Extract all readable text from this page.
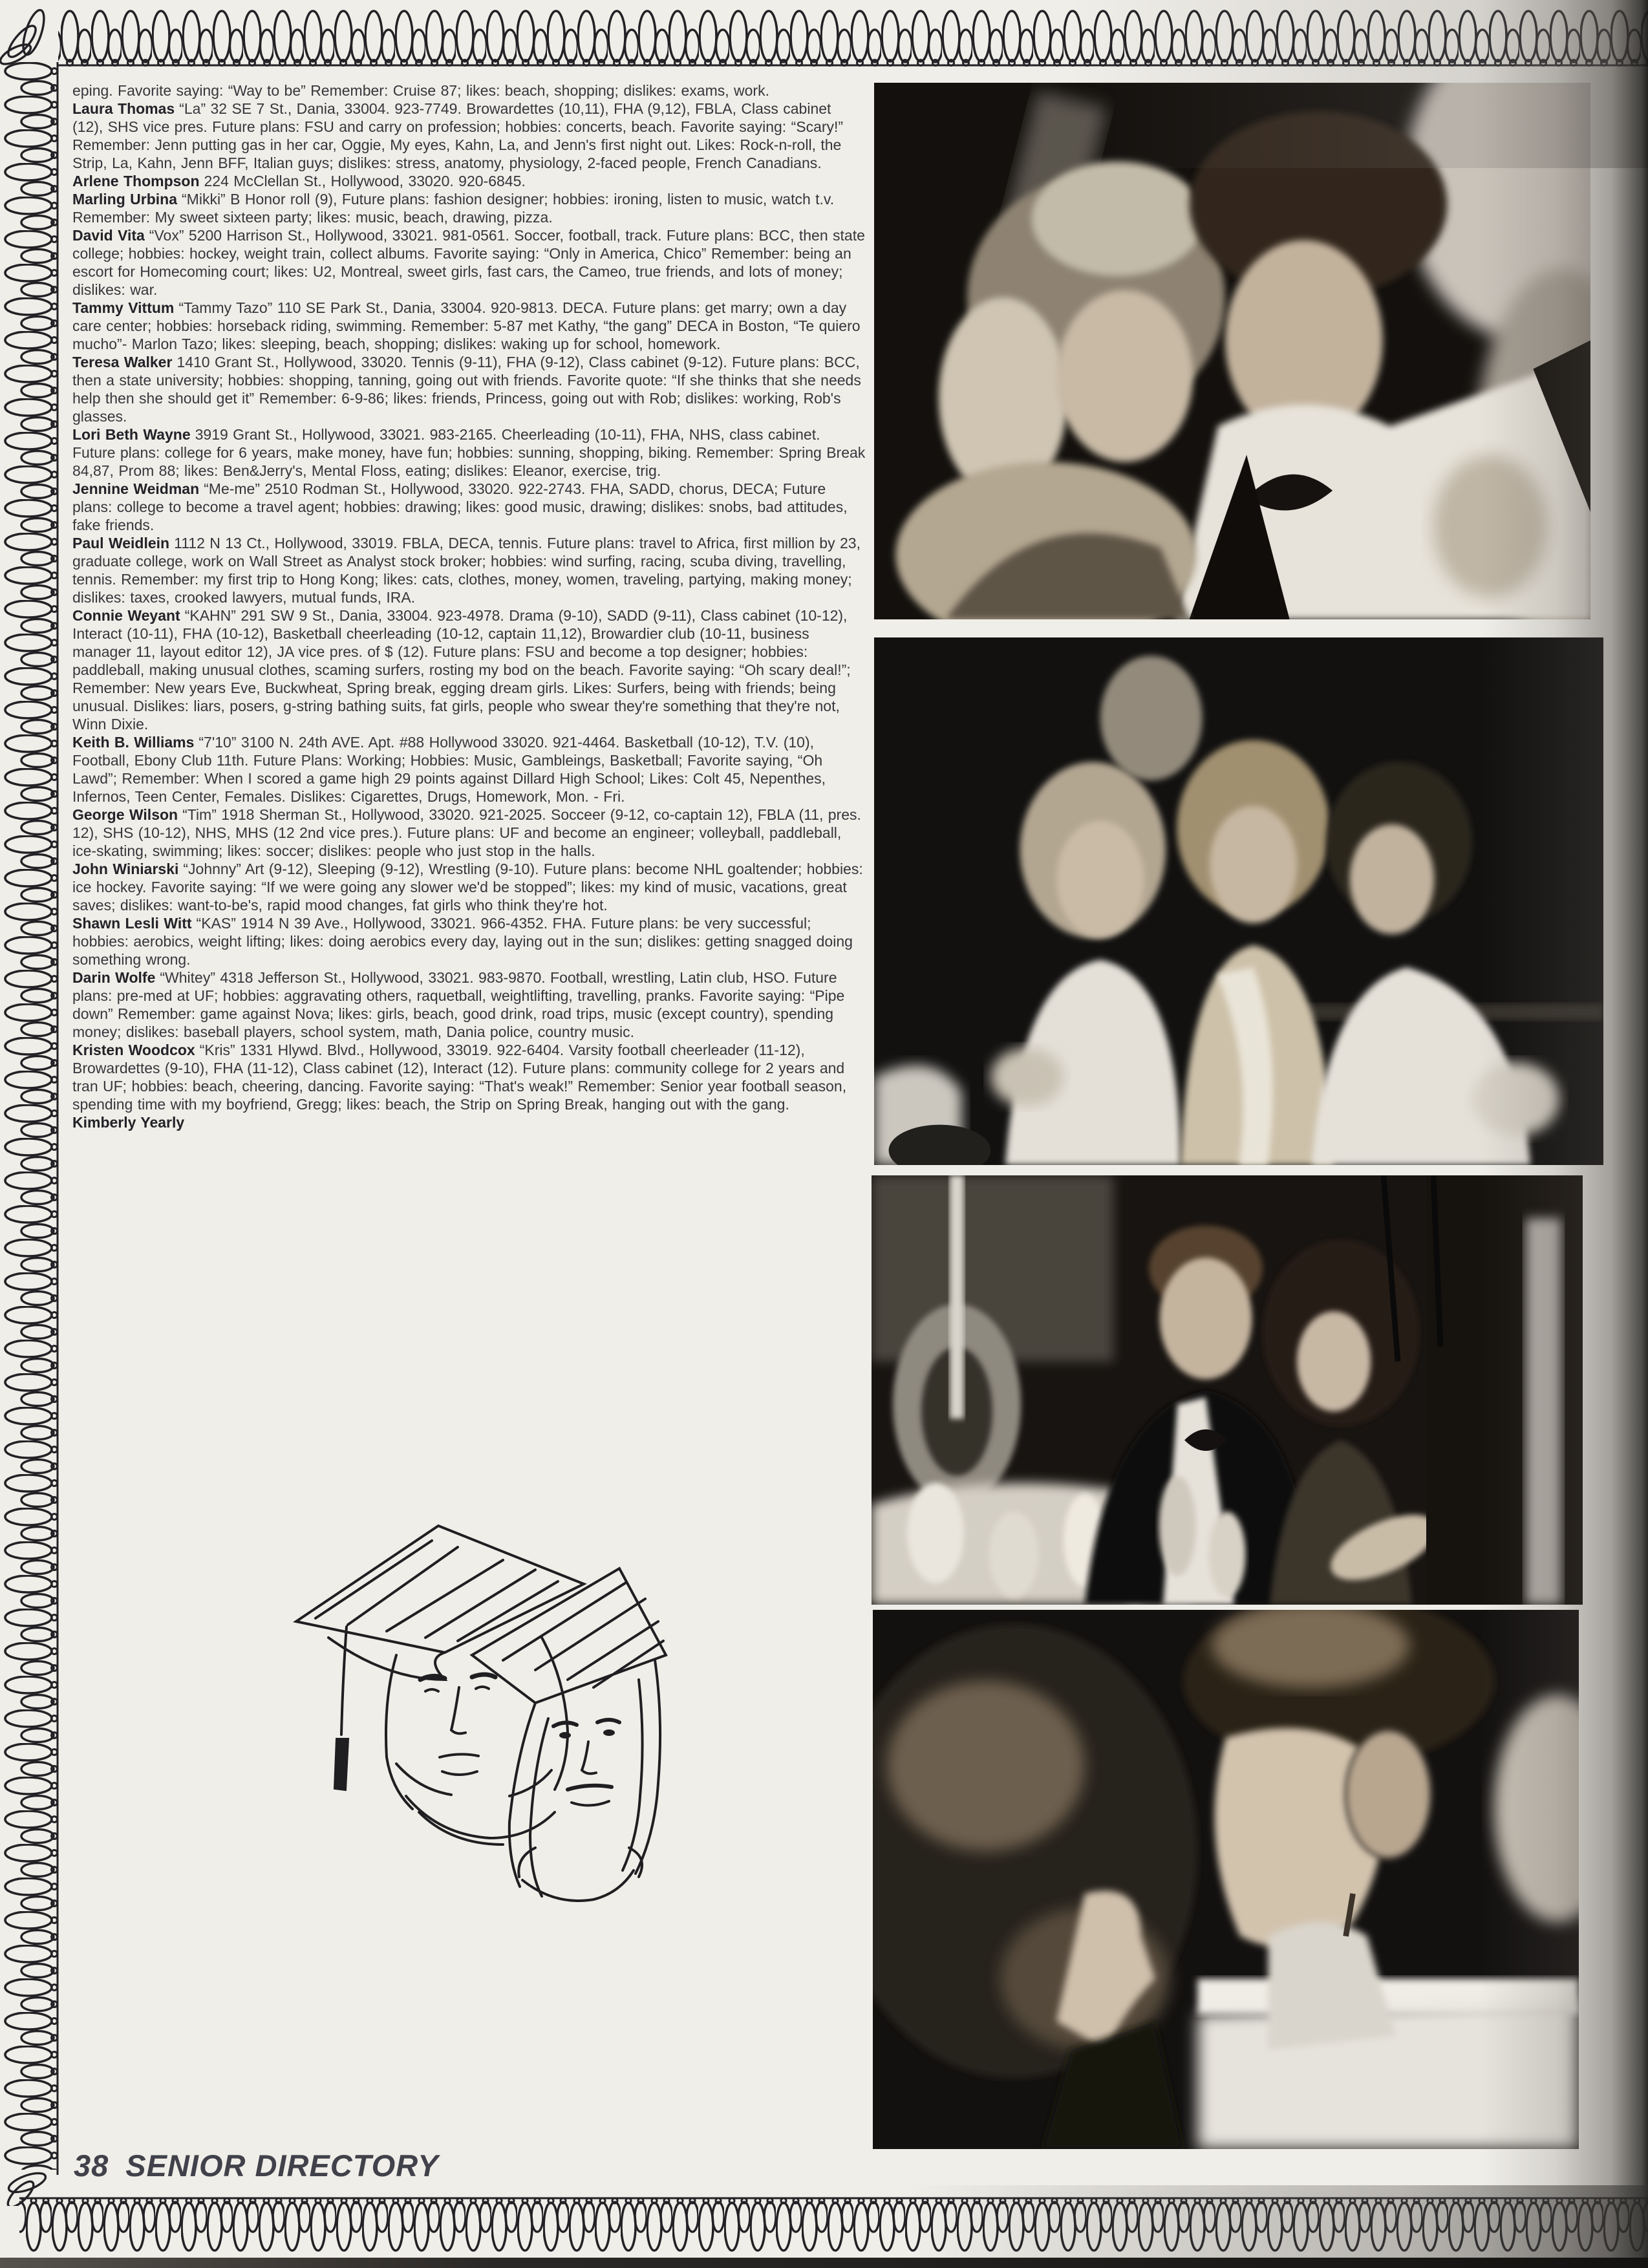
eping. Favorite saying: “Way to be” Remember: Cruise 87; likes: beach, shopping; dislikes: exams, work.

Laura Thomas “La” 32 SE 7 St., Dania, 33004. 923-7749. Browardettes (10,11), FHA (9,12), FBLA, Class cabinet (12), SHS vice pres. Future plans: FSU and carry on profession; hobbies: concerts, beach. Favorite saying: “Scary!” Remember: Jenn putting gas in her car, Oggie, My eyes, Kahn, La, and Jenn's first night out. Likes: Rock-n-roll, the Strip, La, Kahn, Jenn BFF, Italian guys; dislikes: stress, anatomy, physiology, 2-faced people, French Canadians.

Arlene Thompson 224 McClellan St., Hollywood, 33020. 920-6845.

Marling Urbina “Mikki” B Honor roll (9), Future plans: fashion designer; hobbies: ironing, listen to music, watch t.v. Remember: My sweet sixteen party; likes: music, beach, drawing, pizza.

David Vita “Vox” 5200 Harrison St., Hollywood, 33021. 981-0561. Soccer, football, track. Future plans: BCC, then state college; hobbies: hockey, weight train, collect albums. Favorite saying: “Only in America, Chico” Remember: being an escort for Homecoming court; likes: U2, Montreal, sweet girls, fast cars, the Cameo, true friends, and lots of money; dislikes: war.

Tammy Vittum “Tammy Tazo” 110 SE Park St., Dania, 33004. 920-9813. DECA. Future plans: get marry; own a day care center; hobbies: horseback riding, swimming. Remember: 5-87 met Kathy, “the gang” DECA in Boston, “Te quiero mucho”- Marlon Tazo; likes: sleeping, beach, shopping; dislikes: waking up for school, homework.

Teresa Walker 1410 Grant St., Hollywood, 33020. Tennis (9-11), FHA (9-12), Class cabinet (9-12). Future plans: BCC, then a state university; hobbies: shopping, tanning, going out with friends. Favorite quote: “If she thinks that she needs help then she should get it” Remember: 6-9-86; likes: friends, Princess, going out with Rob; dislikes: working, Rob's glasses.

Lori Beth Wayne 3919 Grant St., Hollywood, 33021. 983-2165. Cheerleading (10-11), FHA, NHS, class cabinet. Future plans: college for 6 years, make money, have fun; hobbies: sunning, shopping, biking. Remember: Spring Break 84,87, Prom 88; likes: Ben&Jerry's, Mental Floss, eating; dislikes: Eleanor, exercise, trig.

Jennine Weidman “Me-me” 2510 Rodman St., Hollywood, 33020. 922-2743. FHA, SADD, chorus, DECA; Future plans: college to become a travel agent; hobbies: drawing; likes: good music, drawing; dislikes: snobs, bad attitudes, fake friends.

Paul Weidlein 1112 N 13 Ct., Hollywood, 33019. FBLA, DECA, tennis. Future plans: travel to Africa, first million by 23, graduate college, work on Wall Street as Analyst stock broker; hobbies: wind surfing, racing, scuba diving, travelling, tennis. Remember: my first trip to Hong Kong; likes: cats, clothes, money, women, traveling, partying, making money; dislikes: taxes, crooked lawyers, mutual funds, IRA.

Connie Weyant “KAHN” 291 SW 9 St., Dania, 33004. 923-4978. Drama (9-10), SADD (9-11), Class cabinet (10-12), Interact (10-11), FHA (10-12), Basketball cheerleading (10-12, captain 11,12), Browardier club (10-11, business manager 11, layout editor 12), JA vice pres. of $ (12). Future plans: FSU and become a top designer; hobbies: paddleball, making unusual clothes, scaming surfers, rosting my bod on the beach. Favorite saying: “Oh scary deal!”; Remember: New years Eve, Buckwheat, Spring break, egging dream girls. Likes: Surfers, being with friends; being unusual. Dislikes: liars, posers, g-string bathing suits, fat girls, people who swear they're something that they're not, Winn Dixie.

Keith B. Williams “7'10” 3100 N. 24th AVE. Apt. #88 Hollywood 33020. 921-4464. Basketball (10-12), T.V. (10), Football, Ebony Club 11th. Future Plans: Working; Hobbies: Music, Gambleings, Basketball; Favorite saying, “Oh Lawd”; Remember: When I scored a game high 29 points against Dillard High School; Likes: Colt 45, Nepenthes, Infernos, Teen Center, Females. Dislikes: Cigarettes, Drugs, Homework, Mon. - Fri.

George Wilson “Tim” 1918 Sherman St., Hollywood, 33020. 921-2025. Socceer (9-12, co-captain 12), FBLA (11, pres. 12), SHS (10-12), NHS, MHS (12 2nd vice pres.). Future plans: UF and become an engineer; volleyball, paddleball, ice-skating, swimming; likes: soccer; dislikes: people who just stop in the halls.

John Winiarski “Johnny” Art (9-12), Sleeping (9-12), Wrestling (9-10). Future plans: become NHL goaltender; hobbies: ice hockey. Favorite saying: “If we were going any slower we'd be stopped”; likes: my kind of music, vacations, great saves; dislikes: want-to-be's, rapid mood changes, fat girls who think they're hot.

Shawn Lesli Witt “KAS” 1914 N 39 Ave., Hollywood, 33021. 966-4352. FHA. Future plans: be very successful; hobbies: aerobics, weight lifting; likes: doing aerobics every day, laying out in the sun; dislikes: getting snagged doing something wrong.

Darin Wolfe “Whitey” 4318 Jefferson St., Hollywood, 33021. 983-9870. Football, wrestling, Latin club, HSO. Future plans: pre-med at UF; hobbies: aggravating others, raquetball, weightlifting, travelling, pranks. Favorite saying: “Pipe down” Remember: game against Nova; likes: girls, beach, good drink, road trips, music (except country), spending money; dislikes: baseball players, school system, math, Dania police, country music.

Kristen Woodcox “Kris” 1331 Hlywd. Blvd., Hollywood, 33019. 922-6404. Varsity football cheerleader (11-12), Browardettes (9-10), FHA (11-12), Class cabinet (12), Interact (12). Future plans: community college for 2 years and tran UF; hobbies: beach, cheering, dancing. Favorite saying: “That's weak!” Remember: Senior year football season, spending time with my boyfriend, Gregg; likes: beach, the Strip on Spring Break, hanging out with the gang.

Kimberly Yearly

38 SENIOR DIRECTORY
